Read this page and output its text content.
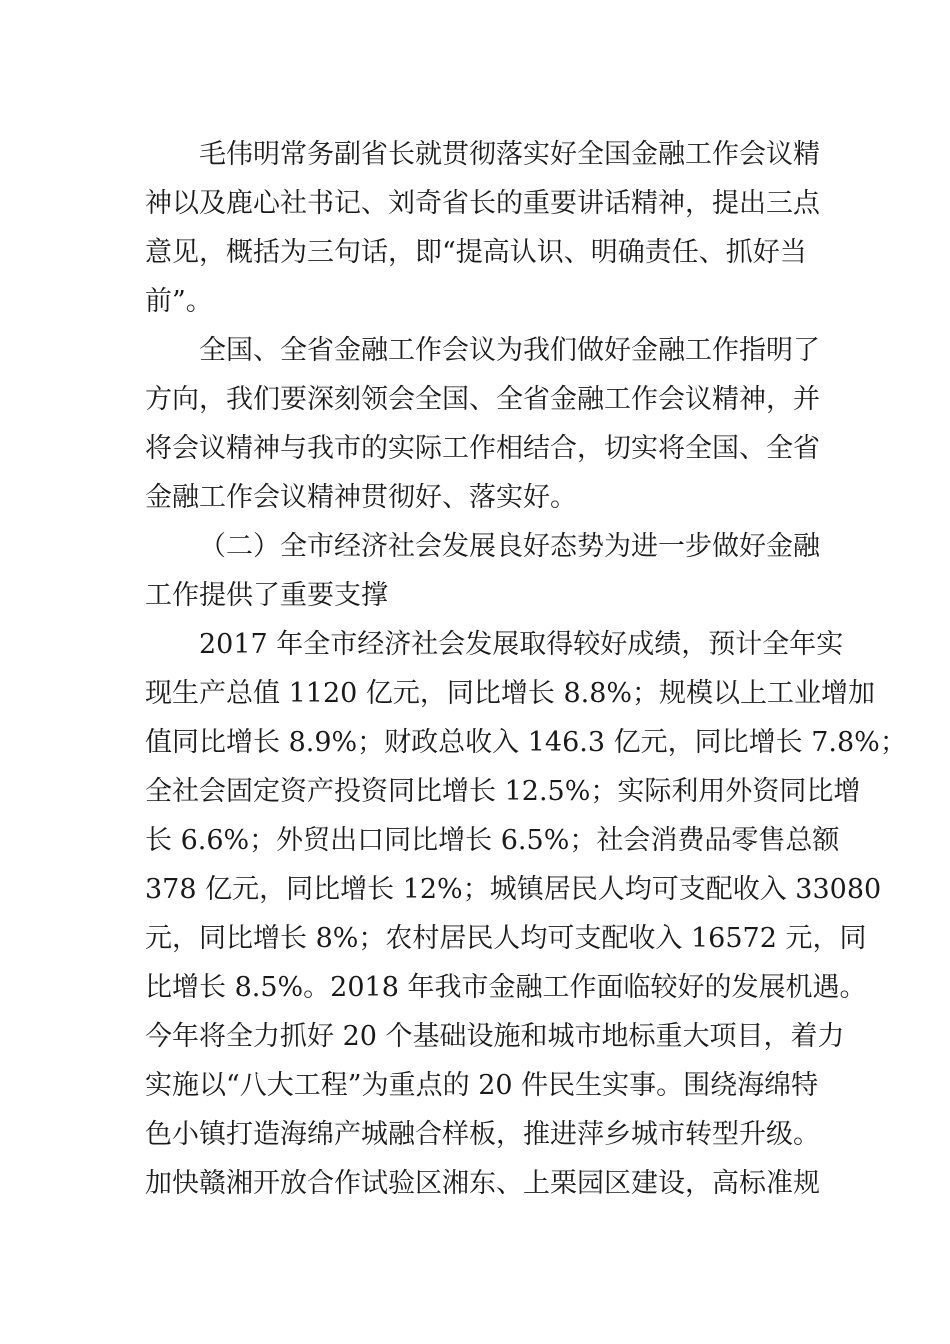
毛伟明常务副省长就贯彻落实好全国金融工作会议精
神以及鹿心社书记、刘奇省长的重要讲话精神，提出三点
意见，概括为三句话，即“提高认识、明确责任、抓好当
前”。
全国、全省金融工作会议为我们做好金融工作指明了
方向，我们要深刻领会全国、全省金融工作会议精神，并
将会议精神与我市的实际工作相结合，切实将全国、全省
金融工作会议精神贯彻好、落实好。
（二）全市经济社会发展良好态势为进一步做好金融
工作提供了重要支撑
2017 年全市经济社会发展取得较好成绩，预计全年实
现生产总值 1120 亿元，同比增长 8.8%；规模以上工业增加
值同比增长 8.9%；财政总收入 146.3 亿元，同比增长 7.8%；
全社会固定资产投资同比增长 12.5%；实际利用外资同比增
长 6.6%；外贸出口同比增长 6.5%；社会消费品零售总额
378 亿元，同比增长 12%；城镇居民人均可支配收入 33080
元，同比增长 8%；农村居民人均可支配收入 16572 元，同
比增长 8.5%。2018 年我市金融工作面临较好的发展机遇。
今年将全力抓好 20 个基础设施和城市地标重大项目，着力
实施以“八大工程”为重点的 20 件民生实事。围绕海绵特
色小镇打造海绵产城融合样板，推进萍乡城市转型升级。
加快赣湘开放合作试验区湘东、上栗园区建设，高标准规
